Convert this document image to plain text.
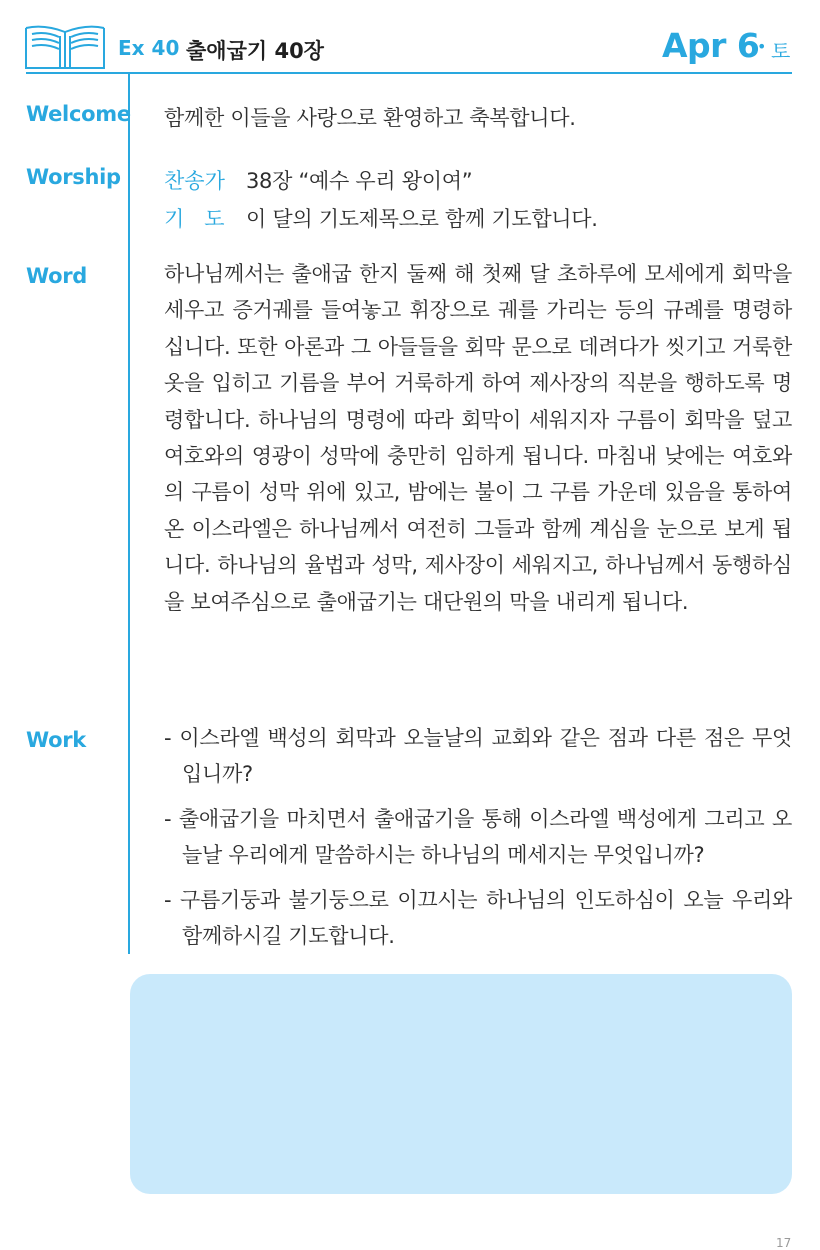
Ex 40 출애굽기 40장	Apr 6
• 토
Welcome 함께한 이들을 사랑으로 환영하고 축복합니다.
Worship 찬송가 38장 “예수 우리 왕이여”
기도 이 달의 기도제목으로 함께 기도합니다.
Word	하나님께서는 출애굽 한지 둘째 해 첫째 달 초하루에 모세에게 회막을 세우고 증거궤를 들여놓고 휘장으로 궤를 가리는 등의 규례를 명령하십니다. 또한 아론과 그 아들들을 회막 문으로 데려다가 씻기고 거룩한 옷을 입히고 기름을 부어 거룩하게 하여 제사장의 직분을 행하도록 명령합니다. 하나님의 명령에 따라 회막이 세워지자 구름이 회막을 덮고 여호와의 영광이 성막에 충만히 임하게 됩니다. 마침내 낮에는 여호와의 구름이 성막 위에 있고, 밤에는 불이 그 구름 가운데 있음을 통하여 온 이스라엘은 하나님께서 여전히 그들과 함께 계심을 눈으로 보게 됩니다. 하나님의 율법과 성막, 제사장이 세워지고, 하나님께서 동행하심을 보여주심으로 출애굽기는 대단원의 막을 내리게 됩니다.
Work	- 이스라엘 백성의 회막과 오늘날의 교회와 같은 점과 다른 점은 무엇입니까?
- 출애굽기을 마치면서 출애굽기을 통해 이스라엘 백성에게 그리고 오늘날 우리에게 말씀하시는 하나님의 메세지는 무엇입니까?
- 구름기둥과 불기둥으로 이끄시는 하나님의 인도하심이 오늘 우리와 함께하시길 기도합니다.
17
